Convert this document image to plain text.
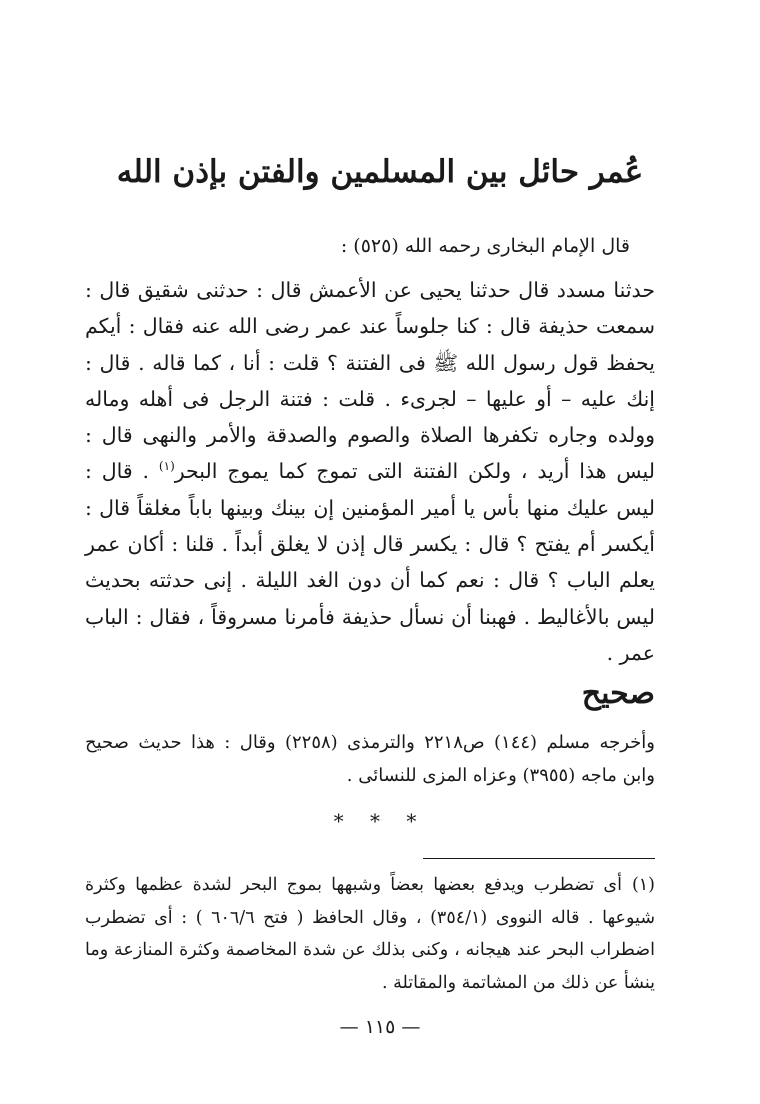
عُمر حائل بين المسلمين والفتن بإذن الله

قال الإمام البخارى رحمه الله (٥٢٥) :

حدثنا مسدد قال حدثنا يحيى عن الأعمش قال : حدثنى شقيق قال : سمعت حذيفة قال : كنا جلوساً عند عمر رضى الله عنه فقال : أيكم يحفظ قول رسول الله ﷺ فى الفتنة ؟ قلت : أنا ، كما قاله . قال : إنك عليه – أو عليها – لجرىء . قلت : فتنة الرجل فى أهله وماله وولده وجاره تكفرها الصلاة والصوم والصدقة والأمر والنهى قال : ليس هذا أريد ، ولكن الفتنة التى تموج كما يموج البحر$^{(١)}$ . قال : ليس عليك منها بأس يا أمير المؤمنين إن بينك وبينها باباً مغلقاً قال : أيكسر أم يفتح ؟ قال : يكسر قال إذن لا يغلق أبداً . قلنا : أكان عمر يعلم الباب ؟ قال : نعم كما أن دون الغد الليلة . إنى حدثته بحديث ليس بالأغاليط . فهبنا أن نسأل حذيفة فأمرنا مسروقاً ، فقال : الباب عمر .

صحيح

وأخرجه مسلم (١٤٤) ص٢٢١٨ والترمذى (٢٢٥٨) وقال : هذا حديث صحيح وابن ماجه (٣٩٥٥) وعزاه المزى للنسائى .

* * *

(١)أى تضطرب ويدفع بعضها بعضاً وشبهها بموج البحر لشدة عظمها وكثرة شيوعها . قاله النووى (٣٥٤/١) ، وقال الحافظ ( فتح ٦٠٦/٦ ) : أى تضطرب اضطراب البحر عند هيجانه ، وكنى بذلك عن شدة المخاصمة وكثرة المنازعة وما ينشأ عن ذلك من المشاتمة والمقاتلة .

— ١١٥ —
